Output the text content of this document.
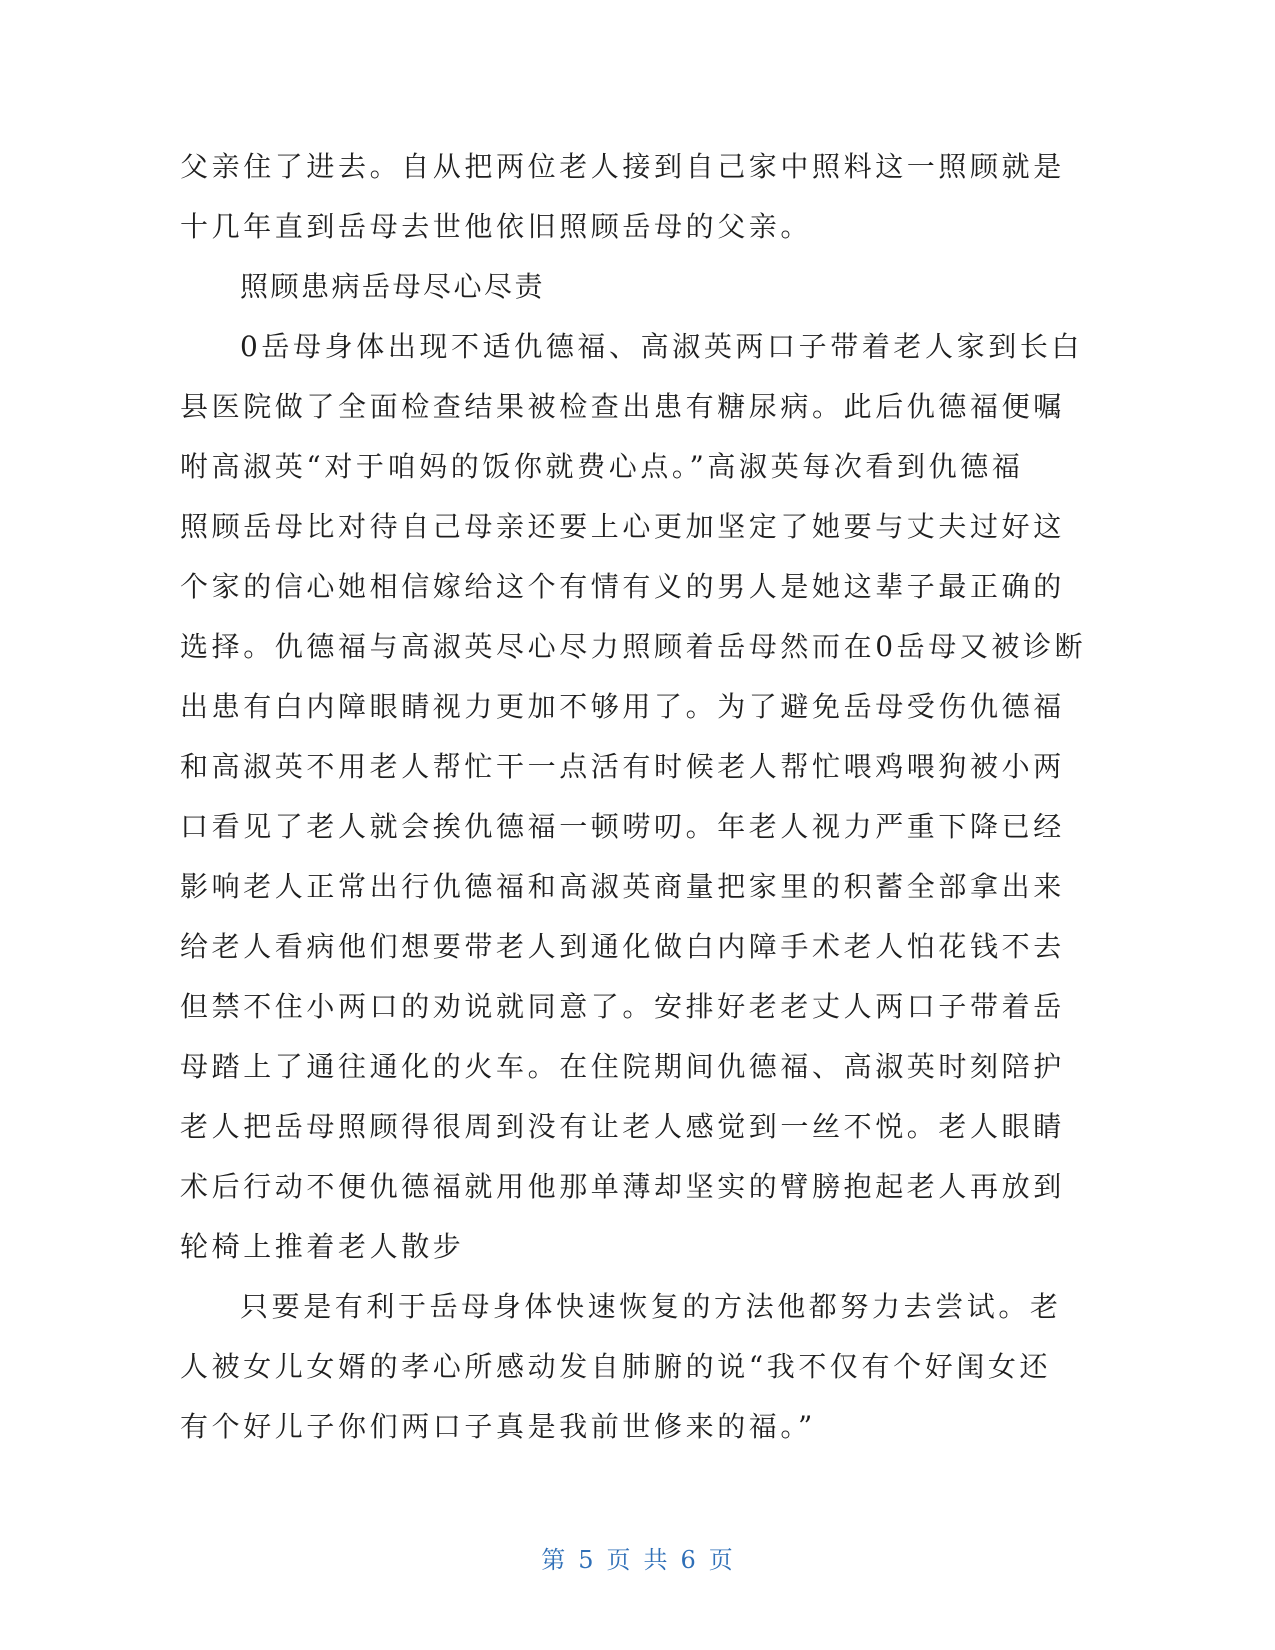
父亲住了进去。自从把两位老人接到自己家中照料这一照顾就是

十几年直到岳母去世他依旧照顾岳母的父亲。

照顾患病岳母尽心尽责

0岳母身体出现不适仇德福、高淑英两口子带着老人家到长白

县医院做了全面检查结果被检查出患有糖尿病。此后仇德福便嘱

咐高淑英“对于咱妈的饭你就费心点。”高淑英每次看到仇德福

照顾岳母比对待自己母亲还要上心更加坚定了她要与丈夫过好这

个家的信心她相信嫁给这个有情有义的男人是她这辈子最正确的

选择。仇德福与高淑英尽心尽力照顾着岳母然而在0岳母又被诊断

出患有白内障眼睛视力更加不够用了。为了避免岳母受伤仇德福

和高淑英不用老人帮忙干一点活有时候老人帮忙喂鸡喂狗被小两

口看见了老人就会挨仇德福一顿唠叨。年老人视力严重下降已经

影响老人正常出行仇德福和高淑英商量把家里的积蓄全部拿出来

给老人看病他们想要带老人到通化做白内障手术老人怕花钱不去

但禁不住小两口的劝说就同意了。安排好老老丈人两口子带着岳

母踏上了通往通化的火车。在住院期间仇德福、高淑英时刻陪护

老人把岳母照顾得很周到没有让老人感觉到一丝不悦。老人眼睛

术后行动不便仇德福就用他那单薄却坚实的臂膀抱起老人再放到

轮椅上推着老人散步

只要是有利于岳母身体快速恢复的方法他都努力去尝试。老

人被女儿女婿的孝心所感动发自肺腑的说“我不仅有个好闺女还

有个好儿子你们两口子真是我前世修来的福。”

第 5 页 共 6 页
